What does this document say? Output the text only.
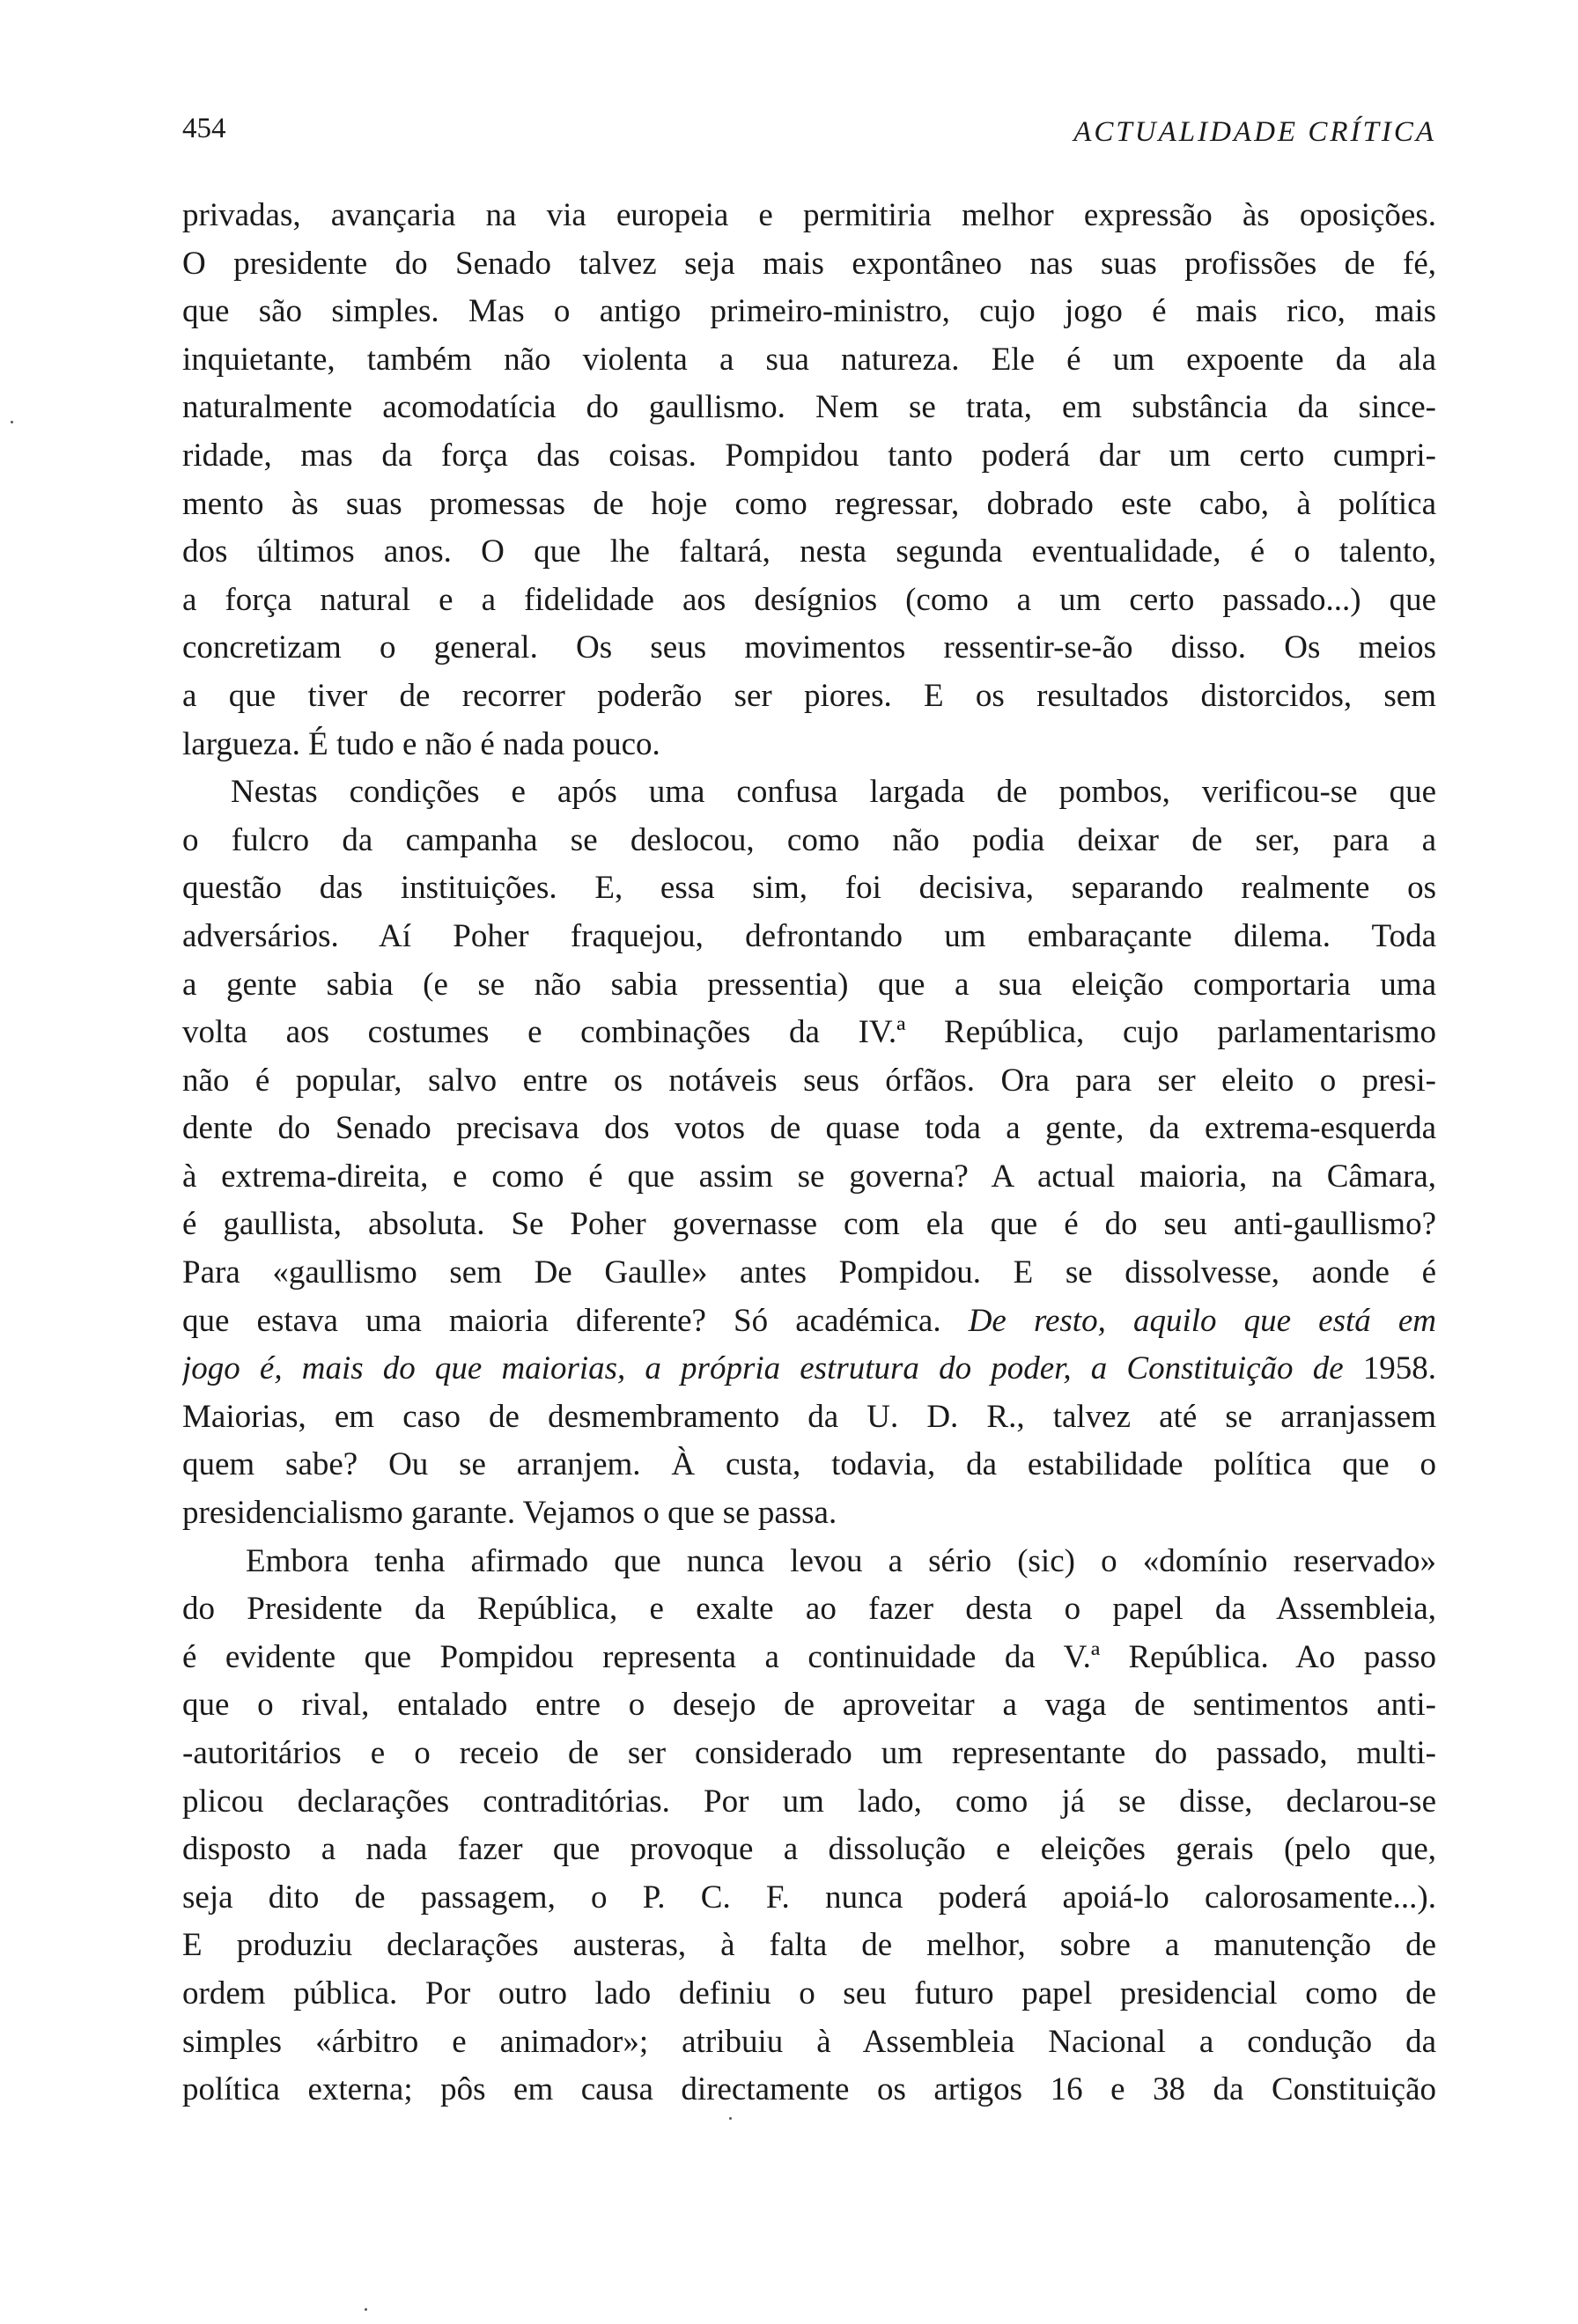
454	ACTUALIDADE CRÍTICA
privadas, avançaria na via europeia e permitiria melhor expressão às oposições.
O presidente do Senado talvez seja mais expontâneo nas suas profissões de fé,
que são simples. Mas o antigo primeiro-ministro, cujo jogo é mais rico, mais
inquietante, também não violenta a sua natureza. Ele é um expoente da ala
naturalmente acomodatícia do gaullismo. Nem se trata, em substância da since-
ridade, mas da força das coisas. Pompidou tanto poderá dar um certo cumpri-
mento às suas promessas de hoje como regressar, dobrado este cabo, à política
dos últimos anos. O que lhe faltará, nesta segunda eventualidade, é o talento,
a força natural e a fidelidade aos desígnios (como a um certo passado...) que
concretizam o general. Os seus movimentos ressentir-se-ão disso. Os meios
a que tiver de recorrer poderão ser piores. E os resultados distorcidos, sem
largueza. É tudo e não é nada pouco.
Nestas condições e após uma confusa largada de pombos, verificou-se que
o fulcro da campanha se deslocou, como não podia deixar de ser, para a
questão das instituições. E, essa sim, foi decisiva, separando realmente os
adversários. Aí Poher fraquejou, defrontando um embaraçante dilema. Toda
a gente sabia (e se não sabia pressentia) que a sua eleição comportaria uma
volta aos costumes e combinações da IV.ª República, cujo parlamentarismo
não é popular, salvo entre os notáveis seus órfãos. Ora para ser eleito o presi-
dente do Senado precisava dos votos de quase toda a gente, da extrema-esquerda
à extrema-direita, e como é que assim se governa? A actual maioria, na Câmara,
é gaullista, absoluta. Se Poher governasse com ela que é do seu anti-gaullismo?
Para «gaullismo sem De Gaulle» antes Pompidou. E se dissolvesse, aonde é
que estava uma maioria diferente? Só académica. De resto, aquilo que está em
jogo é, mais do que maiorias, a própria estrutura do poder, a Constituição de 1958.
Maiorias, em caso de desmembramento da U. D. R., talvez até se arranjassem
quem sabe? Ou se arranjem. À custa, todavia, da estabilidade política que o
presidencialismo garante. Vejamos o que se passa.
Embora tenha afirmado que nunca levou a sério (sic) o «domínio reservado»
do Presidente da República, e exalte ao fazer desta o papel da Assembleia,
é evidente que Pompidou representa a continuidade da V.ª República. Ao passo
que o rival, entalado entre o desejo de aproveitar a vaga de sentimentos anti-
-autoritários e o receio de ser considerado um representante do passado, multi-
plicou declarações contraditórias. Por um lado, como já se disse, declarou-se
disposto a nada fazer que provoque a dissolução e eleições gerais (pelo que,
seja dito de passagem, o P. C. F. nunca poderá apoiá-lo calorosamente...).
E produziu declarações austeras, à falta de melhor, sobre a manutenção de
ordem pública. Por outro lado definiu o seu futuro papel presidencial como de
simples «árbitro e animador»; atribuiu à Assembleia Nacional a condução da
política externa; pôs em causa directamente os artigos 16 e 38 da Constituição
